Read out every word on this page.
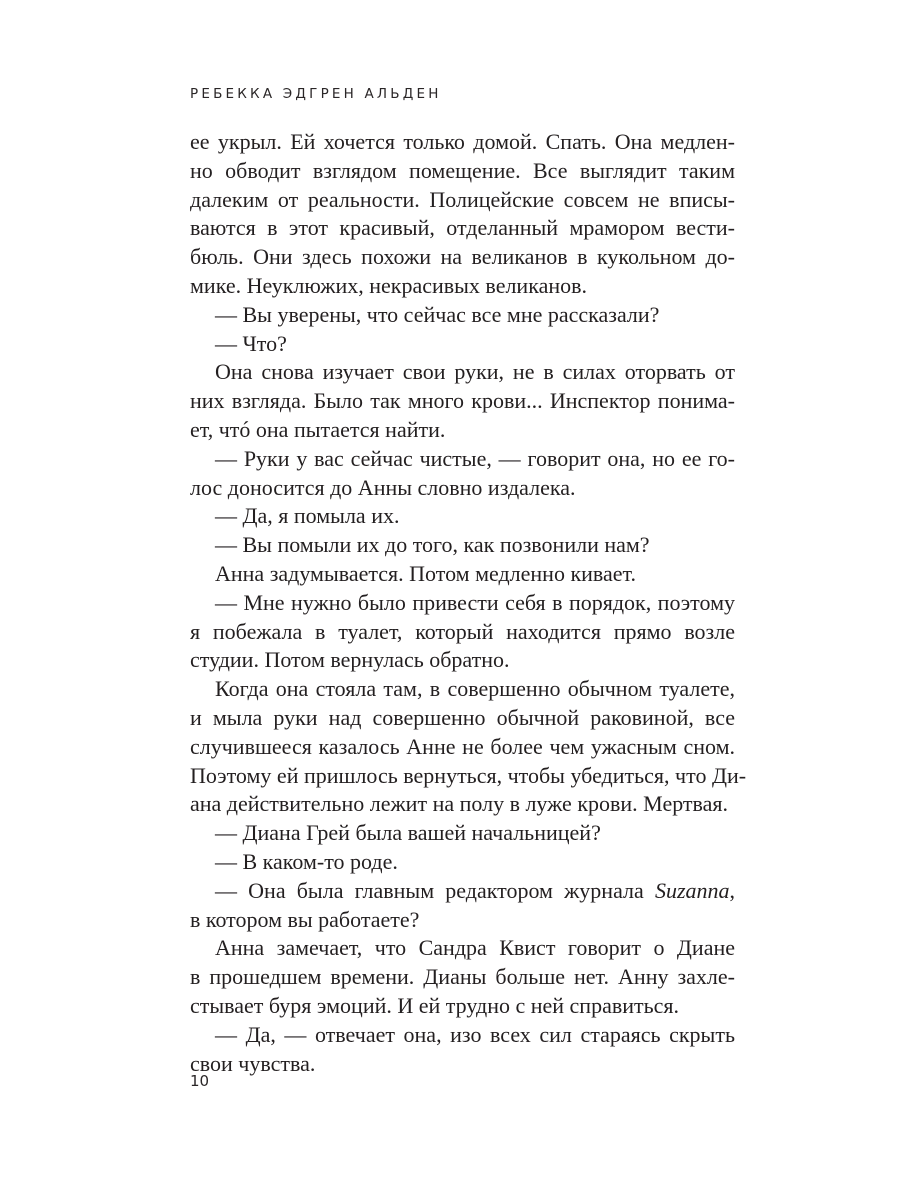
РЕБЕККА ЭДГРЕН АЛЬДЕН
ее укрыл. Ей хочется только домой. Спать. Она медлен-
но обводит взглядом помещение. Все выглядит таким
далеким от реальности. Полицейские совсем не вписы-
ваются в этот красивый, отделанный мрамором вести-
бюль. Они здесь похожи на великанов в кукольном до-
мике. Неуклюжих, некрасивых великанов.
— Вы уверены, что сейчас все мне рассказали?
— Что?
Она снова изучает свои руки, не в силах оторвать от
них взгляда. Было так много крови... Инспектор понима-
ет, чтó она пытается найти.
— Руки у вас сейчас чистые, — говорит она, но ее го-
лос доносится до Анны словно издалека.
— Да, я помыла их.
— Вы помыли их до того, как позвонили нам?
Анна задумывается. Потом медленно кивает.
— Мне нужно было привести себя в порядок, поэтому
я побежала в туалет, который находится прямо возле
студии. Потом вернулась обратно.
Когда она стояла там, в совершенно обычном туалете,
и мыла руки над совершенно обычной раковиной, все
случившееся казалось Анне не более чем ужасным сном.
Поэтому ей пришлось вернуться, чтобы убедиться, что Ди-
ана действительно лежит на полу в луже крови. Мертвая.
— Диана Грей была вашей начальницей?
— В каком-то роде.
— Она была главным редактором журнала Suzanna,
в котором вы работаете?
Анна замечает, что Сандра Квист говорит о Диане
в прошедшем времени. Дианы больше нет. Анну захле-
стывает буря эмоций. И ей трудно с ней справиться.
— Да, — отвечает она, изо всех сил стараясь скрыть
свои чувства.
10
